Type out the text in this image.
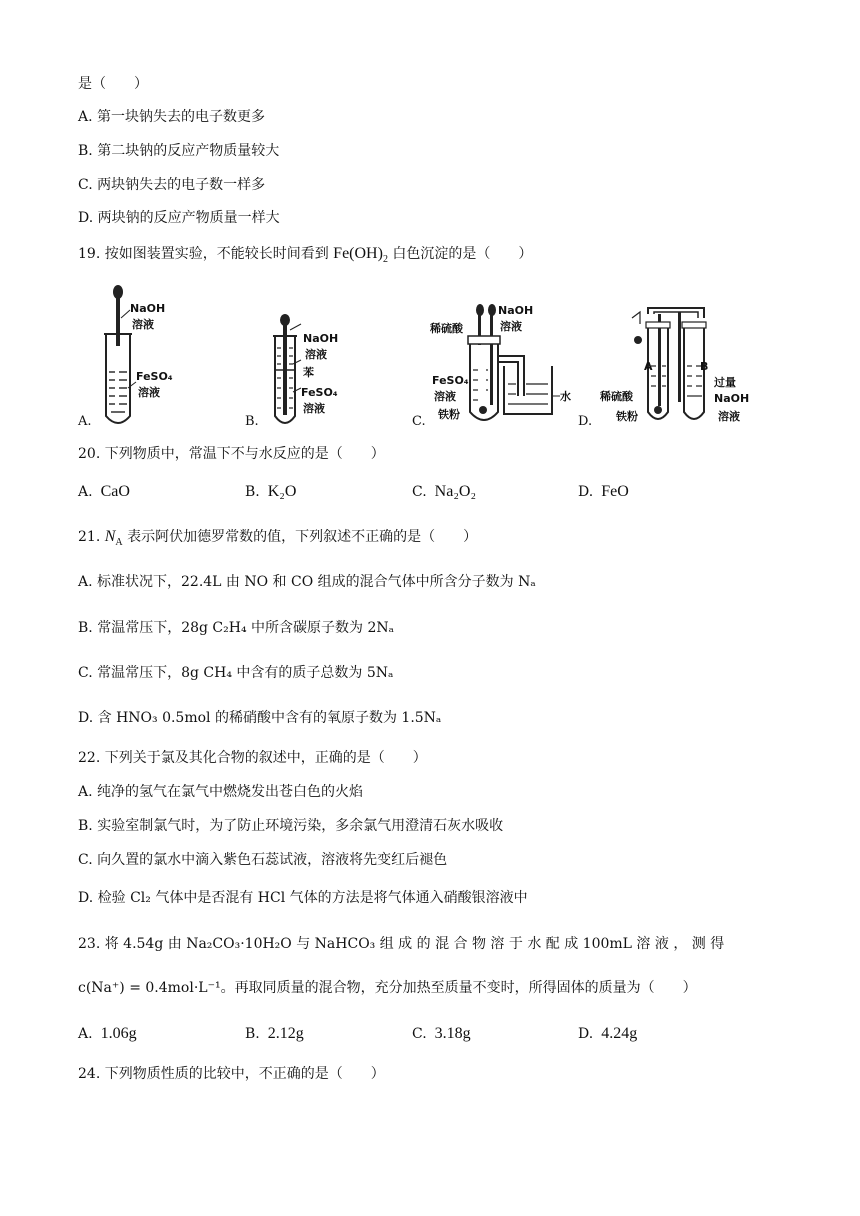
是（　　）
A. 第一块钠失去的电子数更多
B. 第二块钠的反应产物质量较大
C. 两块钠失去的电子数一样多
D. 两块钠的反应产物质量一样大
19. 按如图装置实验，不能较长时间看到 $Fe(OH)_2$ 白色沉淀的是（　　）
NaOH
溶液
FeSO₄
溶液
A.
NaOH
溶液
苯
FeSO₄
溶液
B.
稀硫酸
NaOH
溶液
FeSO₄
溶液
铁粉
水
C.
A	B
过量
稀硫酸	NaOH
溶液
铁粉
D.
20. 下列物质中，常温下不与水反应的是（　　）
A. CaO	B. K₂O	C. Na₂O₂	D. FeO
21. $N_A$ 表示阿伏加德罗常数的值，下列叙述不正确的是（　　）
A. 标准状况下，22.4L 由 NO 和 CO 组成的混合气体中所含分子数为 Nₐ
B. 常温常压下，28g C₂H₄ 中所含碳原子数为 2Nₐ
C. 常温常压下，8g CH₄ 中含有的质子总数为 5Nₐ
D. 含 HNO₃ 0.5mol 的稀硝酸中含有的氧原子数为 1.5Nₐ
22. 下列关于氯及其化合物的叙述中，正确的是（　　）
A. 纯净的氢气在氯气中燃烧发出苍白色的火焰
B. 实验室制氯气时，为了防止环境污染，多余氯气用澄清石灰水吸收
C. 向久置的氯水中滴入紫色石蕊试液，溶液将先变红后褪色
D. 检验 Cl₂ 气体中是否混有 HCl 气体的方法是将气体通入硝酸银溶液中
23. 将 4.54g 由 Na₂CO₃·10H₂O 与 NaHCO₃ 组 成 的 混 合 物 溶 于 水 配 成 100mL 溶 液 ， 测 得
c(Na⁺) = 0.4mol·L⁻¹。再取同质量的混合物，充分加热至质量不变时，所得固体的质量为（　　）
A. 1.06g	B. 2.12g	C. 3.18g	D. 4.24g
24. 下列物质性质的比较中，不正确的是（　　）
